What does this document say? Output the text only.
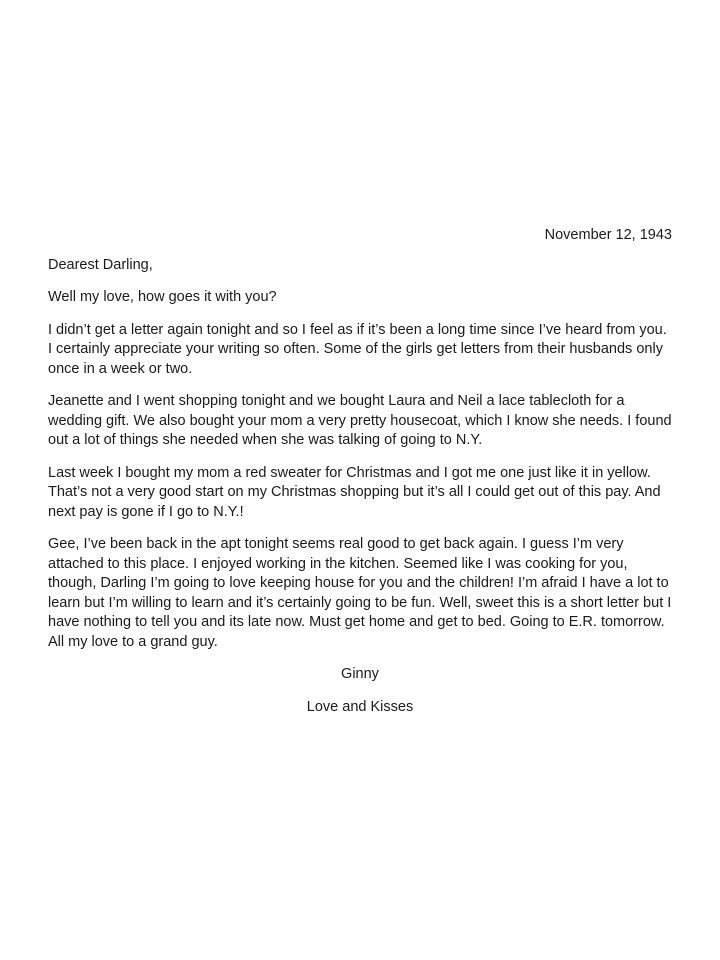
November 12, 1943

Dearest Darling,

Well my love, how goes it with you?

I didn’t get a letter again tonight and so I feel as if it’s been a long time since I’ve heard from you. I certainly appreciate your writing so often. Some of the girls get letters from their husbands only once in a week or two.

Jeanette and I went shopping tonight and we bought Laura and Neil a lace tablecloth for a wedding gift. We also bought your mom a very pretty housecoat, which I know she needs. I found out a lot of things she needed when she was talking of going to N.Y.

Last week I bought my mom a red sweater for Christmas and I got me one just like it in yellow. That’s not a very good start on my Christmas shopping but it’s all I could get out of this pay. And next pay is gone if I go to N.Y.!

Gee, I’ve been back in the apt tonight seems real good to get back again. I guess I’m very attached to this place. I enjoyed working in the kitchen. Seemed like I was cooking for you, though, Darling I’m going to love keeping house for you and the children! I’m afraid I have a lot to learn but I’m willing to learn and it’s certainly going to be fun. Well, sweet this is a short letter but I have nothing to tell you and its late now. Must get home and get to bed. Going to E.R. tomorrow. All my love to a grand guy.

Ginny

Love and Kisses
